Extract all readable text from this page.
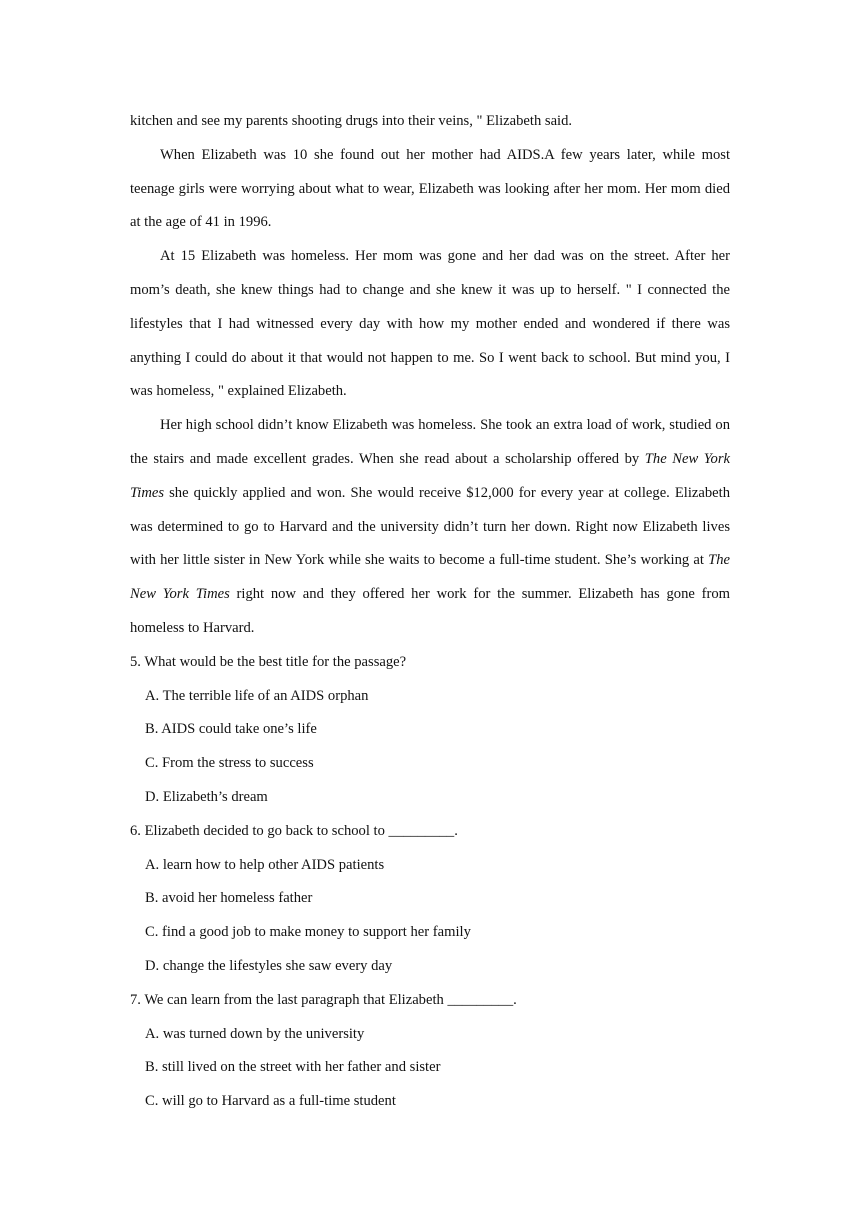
kitchen and see my parents shooting drugs into their veins, " Elizabeth said.

When Elizabeth was 10 she found out her mother had AIDS.A few years later, while most teenage girls were worrying about what to wear, Elizabeth was looking after her mom. Her mom died at the age of 41 in 1996.

At 15 Elizabeth was homeless. Her mom was gone and her dad was on the street. After her mom’s death, she knew things had to change and she knew it was up to herself. " I connected the lifestyles that I had witnessed every day with how my mother ended and wondered if there was anything I could do about it that would not happen to me. So I went back to school. But mind you, I was homeless, " explained Elizabeth.

Her high school didn’t know Elizabeth was homeless. She took an extra load of work, studied on the stairs and made excellent grades. When she read about a scholarship offered by The New York Times she quickly applied and won. She would receive $12,000 for every year at college. Elizabeth was determined to go to Harvard and the university didn’t turn her down. Right now Elizabeth lives with her little sister in New York while she waits to become a full-time student. She’s working at The New York Times right now and they offered her work for the summer. Elizabeth has gone from homeless to Harvard.

5. What would be the best title for the passage?

A. The terrible life of an AIDS orphan

B. AIDS could take one’s life

C. From the stress to success

D. Elizabeth’s dream

6. Elizabeth decided to go back to school to _________.

A. learn how to help other AIDS patients

B. avoid her homeless father

C. find a good job to make money to support her family

D. change the lifestyles she saw every day

7. We can learn from the last paragraph that Elizabeth _________.

A. was turned down by the university

B. still lived on the street with her father and sister

C. will go to Harvard as a full-time student
